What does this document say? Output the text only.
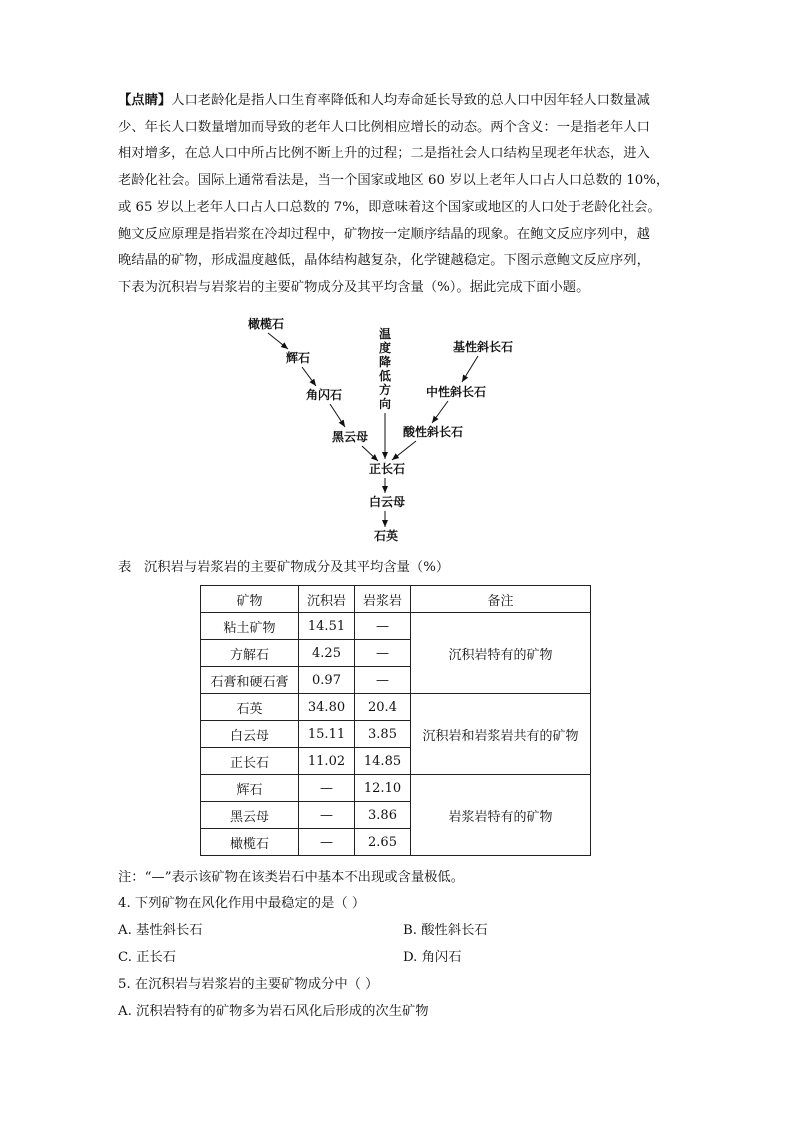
【点睛】人口老龄化是指人口生育率降低和人均寿命延长导致的总人口中因年轻人口数量减
少、年长人口数量增加而导致的老年人口比例相应增长的动态。两个含义：一是指老年人口
相对增多，在总人口中所占比例不断上升的过程；二是指社会人口结构呈现老年状态，进入
老龄化社会。国际上通常看法是，当一个国家或地区 60 岁以上老年人口占人口总数的 10%，
或 65 岁以上老年人口占人口总数的 7%，即意味着这个国家或地区的人口处于老龄化社会。
鲍文反应原理是指岩浆在冷却过程中，矿物按一定顺序结晶的现象。在鲍文反应序列中，越
晚结晶的矿物，形成温度越低，晶体结构越复杂，化学键越稳定。下图示意鲍文反应序列，
下表为沉积岩与岩浆岩的主要矿物成分及其平均含量（%）。据此完成下面小题。
橄榄石
辉石
角闪石
黑云母
基性斜长石
中性斜长石
酸性斜长石
正长石
白云母
石英
温
度
降
低
方
向
表   沉积岩与岩浆岩的主要矿物成分及其平均含量（%）
矿物	沉积岩	岩浆岩	备注
粘土矿物	14.51	—	沉积岩特有的矿物
方解石	4.25	—	
石膏和硬石膏	0.97	—	
石英	34.80	20.4	沉积岩和岩浆岩共有的矿物
白云母	15.11	3.85	
正长石	11.02	14.85	
辉石	—	12.10	岩浆岩特有的矿物
黑云母	—	3.86	
橄榄石	—	2.65	
注：“—”表示该矿物在该类岩石中基本不出现或含量极低。
4. 下列矿物在风化作用中最稳定的是（ ）
A. 基性斜长石	B. 酸性斜长石
C. 正长石	D. 角闪石
5. 在沉积岩与岩浆岩的主要矿物成分中（ ）
A. 沉积岩特有的矿物多为岩石风化后形成的次生矿物
